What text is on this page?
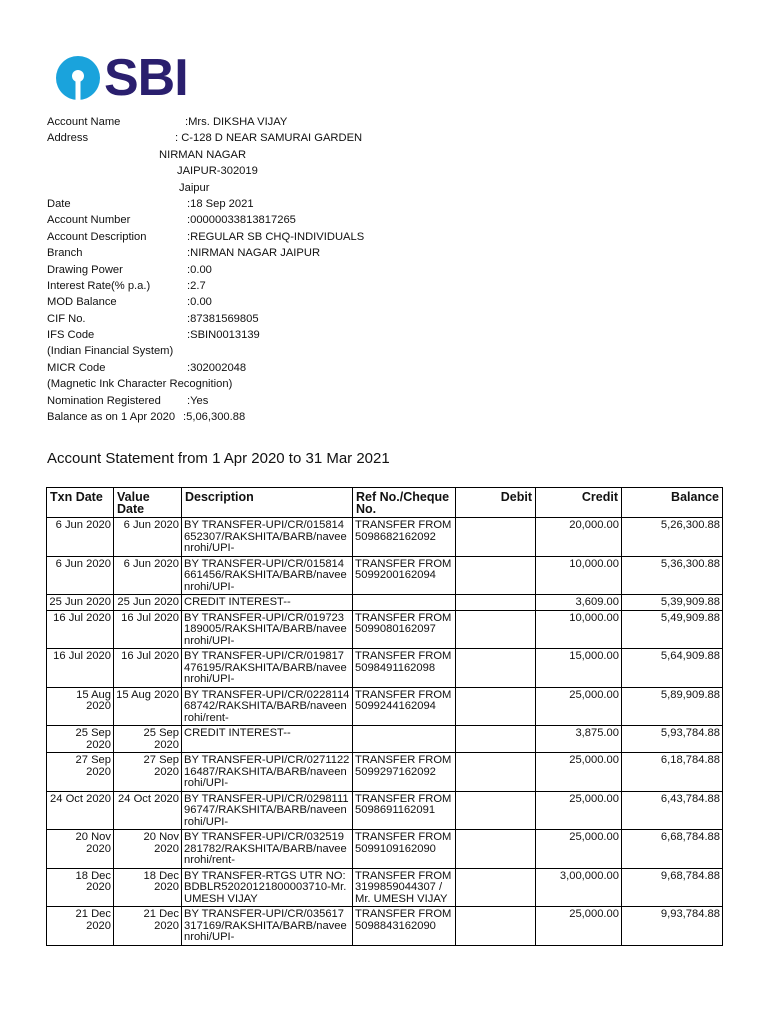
SBI
Account Name	:Mrs. DIKSHA VIJAY
Address	: C-128 D NEAR SAMURAI GARDEN
NIRMAN NAGAR
JAIPUR-302019
Jaipur
Date	:18 Sep 2021
Account Number	:00000033813817265
Account Description	:REGULAR SB CHQ-INDIVIDUALS
Branch	:NIRMAN NAGAR JAIPUR
Drawing Power	:0.00
Interest Rate(% p.a.)	:2.7
MOD Balance	:0.00
CIF No.	:87381569805
IFS Code	:SBIN0013139
(Indian Financial System)
MICR Code	:302002048
(Magnetic Ink Character Recognition)
Nomination Registered :Yes
Balance as on 1 Apr 2020 :5,06,300.88
Account Statement from 1 Apr 2020 to 31 Mar 2021
Txn Date	Value Date	Description	Ref No./Cheque No.	Debit	Credit	Balance
6 Jun 2020	6 Jun 2020	BY TRANSFER-UPI/CR/015814652307/RAKSHITA/BARB/naveenrohi/UPI-	TRANSFER FROM 5098682162092		20,000.00	5,26,300.88
6 Jun 2020	6 Jun 2020	BY TRANSFER-UPI/CR/015814661456/RAKSHITA/BARB/naveenrohi/UPI-	TRANSFER FROM 5099200162094		10,000.00	5,36,300.88
25 Jun 2020	25 Jun 2020	CREDIT INTEREST--			3,609.00	5,39,909.88
16 Jul 2020	16 Jul 2020	BY TRANSFER-UPI/CR/019723189005/RAKSHITA/BARB/naveenrohi/UPI-	TRANSFER FROM 5099080162097		10,000.00	5,49,909.88
16 Jul 2020	16 Jul 2020	BY TRANSFER-UPI/CR/019817476195/RAKSHITA/BARB/naveenrohi/UPI-	TRANSFER FROM 5098491162098		15,000.00	5,64,909.88
15 Aug 2020	15 Aug 2020	BY TRANSFER-UPI/CR/022811468742/RAKSHITA/BARB/naveenrohi/rent-	TRANSFER FROM 5099244162094		25,000.00	5,89,909.88
25 Sep 2020	25 Sep 2020	CREDIT INTEREST--			3,875.00	5,93,784.88
27 Sep 2020	27 Sep 2020	BY TRANSFER-UPI/CR/027112216487/RAKSHITA/BARB/naveenrohi/UPI-	TRANSFER FROM 5099297162092		25,000.00	6,18,784.88
24 Oct 2020	24 Oct 2020	BY TRANSFER-UPI/CR/029811196747/RAKSHITA/BARB/naveenrohi/UPI-	TRANSFER FROM 5098691162091		25,000.00	6,43,784.88
20 Nov 2020	20 Nov 2020	BY TRANSFER-UPI/CR/032519281782/RAKSHITA/BARB/naveenrohi/rent-	TRANSFER FROM 5099109162090		25,000.00	6,68,784.88
18 Dec 2020	18 Dec 2020	BY TRANSFER-RTGS UTR NO: BDBLR52020121800003710-Mr. UMESH VIJAY	TRANSFER FROM 3199859044307 / Mr. UMESH VIJAY		3,00,000.00	9,68,784.88
21 Dec 2020	21 Dec 2020	BY TRANSFER-UPI/CR/035617317169/RAKSHITA/BARB/naveenrohi/UPI-	TRANSFER FROM 5098843162090		25,000.00	9,93,784.88
